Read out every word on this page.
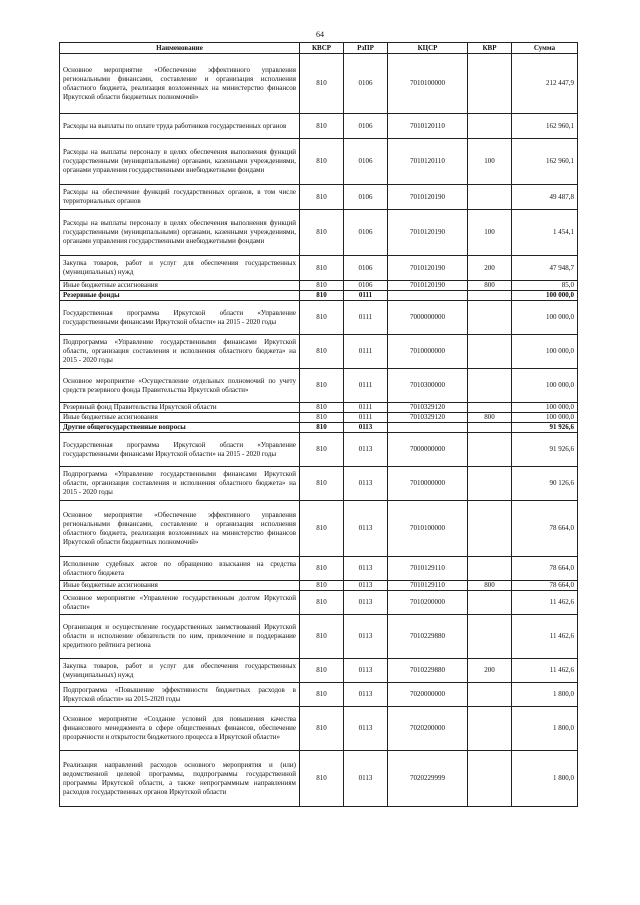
64
Наименование	КВСР	РзПР	КЦСР	КВР	Сумма
Основное мероприятие «Обеспечение эффективного управления региональными финансами, составление и организация исполнения областного бюджета, реализация возложенных на министерство финансов Иркутской области бюджетных полномочий»	810	0106	7010100000		212 447,9
Расходы на выплаты по оплате труда работников государственных органов	810	0106	7010120110		162 960,1
Расходы на выплаты персоналу в целях обеспечения выполнения функций государственными (муниципальными) органами, казенными учреждениями, органами управления государственными внебюджетными фондами	810	0106	7010120110	100	162 960,1
Расходы на обеспечение функций государственных органов, в том числе территориальных органов	810	0106	7010120190		49 487,8
Расходы на выплаты персоналу в целях обеспечения выполнения функций государственными (муниципальными) органами, казенными учреждениями, органами управления государственными внебюджетными фондами	810	0106	7010120190	100	1 454,1
Закупка товаров, работ и услуг для обеспечения государственных (муниципальных) нужд	810	0106	7010120190	200	47 948,7
Иные бюджетные ассигнования	810	0106	7010120190	800	85,0
Резервные фонды	810	0111			100 000,0
Государственная программа Иркутской области «Управление государственными финансами Иркутской области» на 2015 - 2020 годы	810	0111	7000000000		100 000,0
Подпрограмма «Управление государственными финансами Иркутской области, организация составления и исполнения областного бюджета» на 2015 - 2020 годы	810	0111	7010000000		100 000,0
Основное мероприятие «Осуществление отдельных полномочий по учету средств резервного фонда Правительства Иркутской области»	810	0111	7010300000		100 000,0
Резервный фонд Правительства Иркутской области	810	0111	7010329120		100 000,0
Иные бюджетные ассигнования	810	0111	7010329120	800	100 000,0
Другие общегосударственные вопросы	810	0113			91 926,6
Государственная программа Иркутской области «Управление государственными финансами Иркутской области» на 2015 - 2020 годы	810	0113	7000000000		91 926,6
Подпрограмма «Управление государственными финансами Иркутской области, организация составления и исполнения областного бюджета» на 2015 - 2020 годы	810	0113	7010000000		90 126,6
Основное мероприятие «Обеспечение эффективного управления региональными финансами, составление и организация исполнения областного бюджета, реализация возложенных на министерство финансов Иркутской области бюджетных полномочий»	810	0113	7010100000		78 664,0
Исполнение судебных актов по обращению взыскания на средства областного бюджета	810	0113	7010129110		78 664,0
Иные бюджетные ассигнования	810	0113	7010129110	800	78 664,0
Основное мероприятие «Управление государственным долгом Иркутской области»	810	0113	7010200000		11 462,6
Организация и осуществление государственных заимствований Иркутской области и исполнение обязательств по ним, привлечение и поддержание кредитного рейтинга региона	810	0113	7010229880		11 462,6
Закупка товаров, работ и услуг для обеспечения государственных (муниципальных) нужд	810	0113	7010229880	200	11 462,6
Подпрограмма «Повышение эффективности бюджетных расходов в Иркутской области» на 2015-2020 годы	810	0113	7020000000		1 800,0
Основное мероприятие «Создание условий для повышения качества финансового менеджмента в сфере общественных финансов, обеспечение прозрачности и открытости бюджетного процесса в Иркутской области»	810	0113	7020200000		1 800,0
Реализация направлений расходов основного мероприятия и (или) ведомственной целевой программы, подпрограммы государственной программы Иркутской области, а также непрограммным направлениям расходов государственных органов Иркутской области	810	0113	7020229999		1 800,0
